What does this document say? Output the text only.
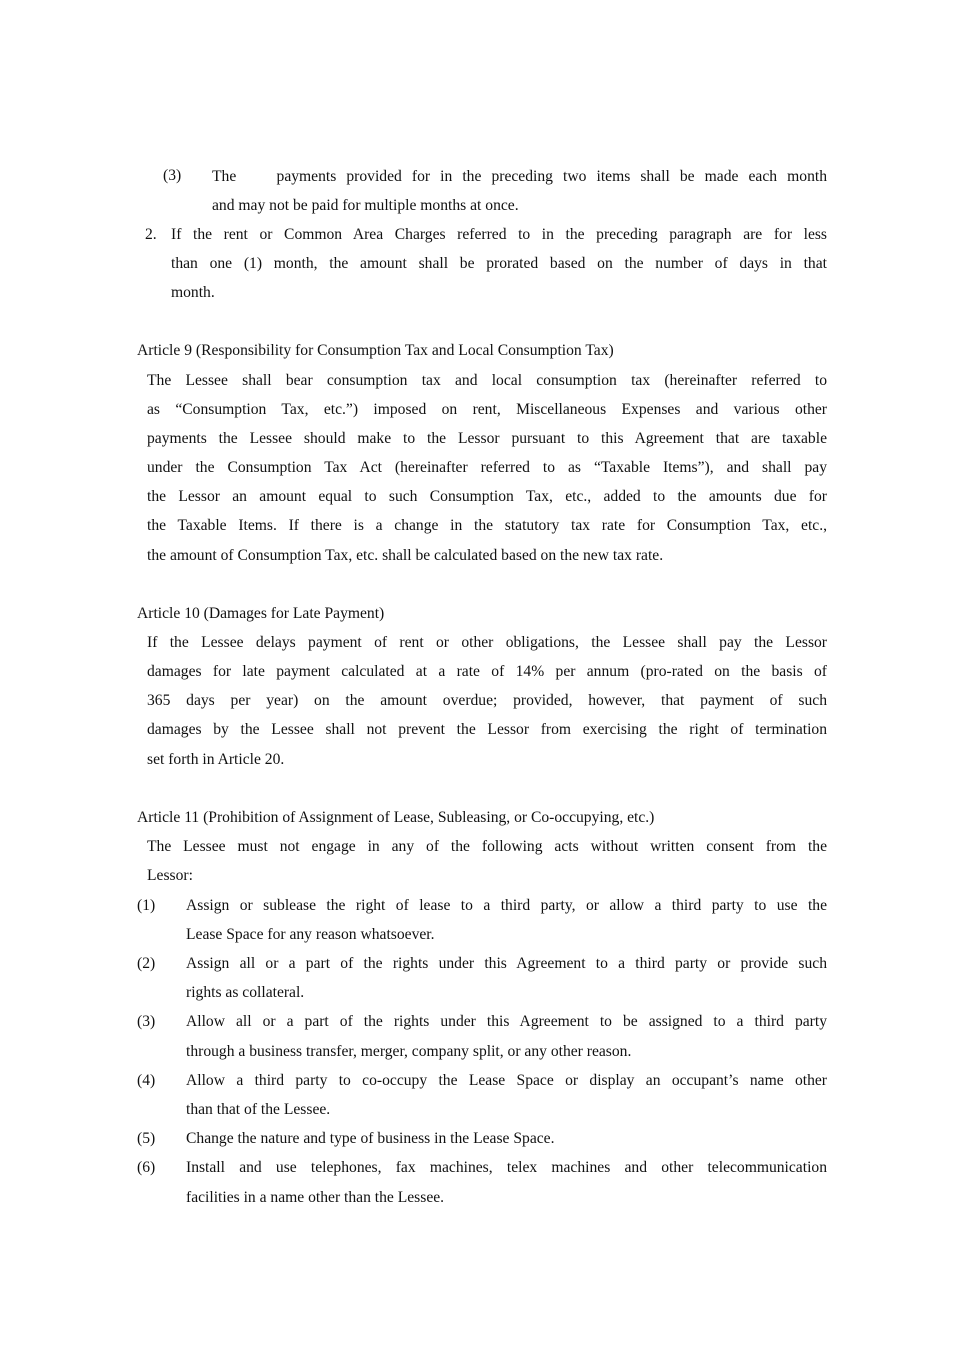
(3) The    payments provided for in the preceding two items shall be made each month
and may not be paid for multiple months at once.
2. If the rent or Common Area Charges referred to in the preceding paragraph are for less
than one (1) month, the amount shall be prorated based on the number of days in that
month.
Article 9 (Responsibility for Consumption Tax and Local Consumption Tax)
The Lessee shall bear consumption tax and local consumption tax (hereinafter referred to
as “Consumption Tax, etc.”) imposed on rent, Miscellaneous Expenses and various other
payments the Lessee should make to the Lessor pursuant to this Agreement that are taxable
under the Consumption Tax Act (hereinafter referred to as “Taxable Items”), and shall pay
the Lessor an amount equal to such Consumption Tax, etc., added to the amounts due for
the Taxable Items. If there is a change in the statutory tax rate for Consumption Tax, etc.,
the amount of Consumption Tax, etc. shall be calculated based on the new tax rate.
Article 10 (Damages for Late Payment)
If the Lessee delays payment of rent or other obligations, the Lessee shall pay the Lessor
damages for late payment calculated at a rate of 14% per annum (pro-rated on the basis of
365 days per year) on the amount overdue; provided, however, that payment of such
damages by the Lessee shall not prevent the Lessor from exercising the right of termination
set forth in Article 20.
Article 11 (Prohibition of Assignment of Lease, Subleasing, or Co-occupying, etc.)
The Lessee must not engage in any of the following acts without written consent from the
Lessor:
(1) Assign or sublease the right of lease to a third party, or allow a third party to use the
Lease Space for any reason whatsoever.
(2) Assign all or a part of the rights under this Agreement to a third party or provide such
rights as collateral.
(3) Allow all or a part of the rights under this Agreement to be assigned to a third party
through a business transfer, merger, company split, or any other reason.
(4) Allow a third party to co-occupy the Lease Space or display an occupant’s name other
than that of the Lessee.
(5) Change the nature and type of business in the Lease Space.
(6) Install and use telephones, fax machines, telex machines and other telecommunication
facilities in a name other than the Lessee.
